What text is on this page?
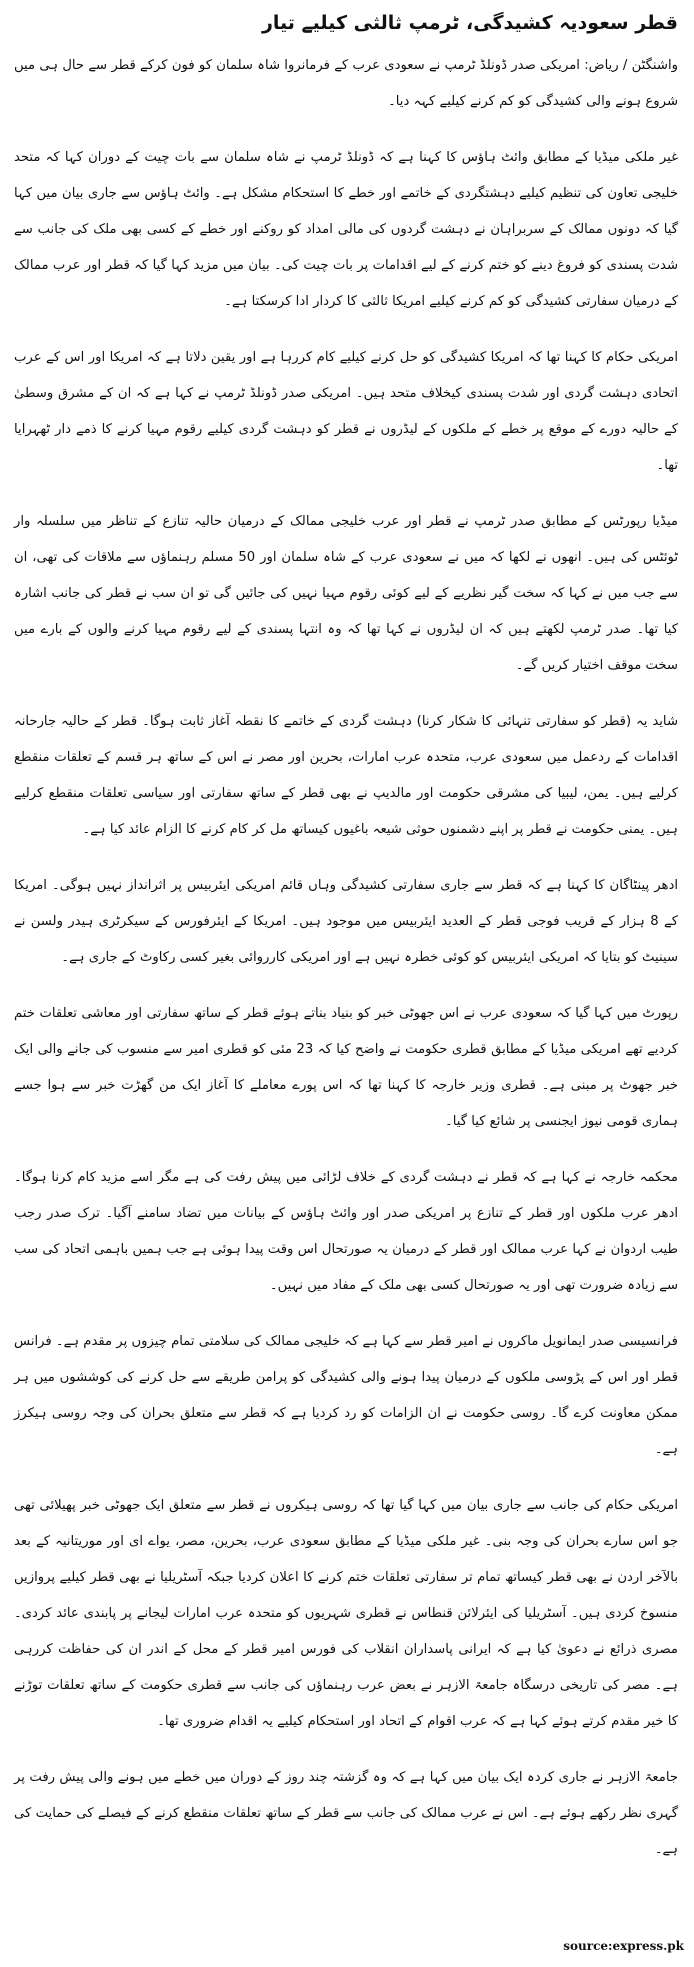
قطر سعودیہ کشیدگی، ٹرمپ ثالثی کیلیے تیار

واشنگٹن / ریاض: امریکی صدر ڈونلڈ ٹرمپ نے سعودی عرب کے فرمانروا شاہ سلمان کو فون کرکے قطر سے حال ہی میں شروع ہونے والی کشیدگی کو کم کرنے کیلیے کہہ دیا۔

غیر ملکی میڈیا کے مطابق وائٹ ہاؤس کا کہنا ہے کہ ڈونلڈ ٹرمپ نے شاہ سلمان سے بات چیت کے دوران کہا کہ متحد خلیجی تعاون کی تنظیم کیلیے دہشتگردی کے خاتمے اور خطے کا استحکام مشکل ہے۔ وائٹ ہاؤس سے جاری بیان میں کہا گیا کہ دونوں ممالک کے سربراہان نے دہشت گردوں کی مالی امداد کو روکنے اور خطے کے کسی بھی ملک کی جانب سے شدت پسندی کو فروغ دینے کو ختم کرنے کے لیے اقدامات پر بات چیت کی۔ بیان میں مزید کہا گیا کہ قطر اور عرب ممالک کے درمیان سفارتی کشیدگی کو کم کرنے کیلیے امریکا ثالثی کا کردار ادا کرسکتا ہے۔

امریکی حکام کا کہنا تھا کہ امریکا کشیدگی کو حل کرنے کیلیے کام کررہا ہے اور یقین دلاتا ہے کہ امریکا اور اس کے عرب اتحادی دہشت گردی اور شدت پسندی کیخلاف متحد ہیں۔ امریکی صدر ڈونلڈ ٹرمپ نے کہا ہے کہ ان کے مشرق وسطیٰ کے حالیہ دورے کے موقع پر خطے کے ملکوں کے لیڈروں نے قطر کو دہشت گردی کیلیے رقوم مہیا کرنے کا ذمے دار ٹھہرایا تھا۔

میڈیا رپورٹس کے مطابق صدر ٹرمپ نے قطر اور عرب خلیجی ممالک کے درمیان حالیہ تنازع کے تناظر میں سلسلہ وار ٹوئٹس کی ہیں۔ انھوں نے لکھا کہ میں نے سعودی عرب کے شاہ سلمان اور 50 مسلم رہنماؤں سے ملاقات کی تھی، ان سے جب میں نے کہا کہ سخت گیر نظریے کے لیے کوئی رقوم مہیا نہیں کی جائیں گی تو ان سب نے قطر کی جانب اشارہ کیا تھا۔ صدر ٹرمپ لکھتے ہیں کہ ان لیڈروں نے کہا تھا کہ وہ انتہا پسندی کے لیے رقوم مہیا کرنے والوں کے بارے میں سخت موقف اختیار کریں گے۔

شاید یہ (قطر کو سفارتی تنہائی کا شکار کرنا) دہشت گردی کے خاتمے کا نقطہ آغاز ثابت ہوگا۔ قطر کے حالیہ جارحانہ اقدامات کے ردعمل میں سعودی عرب، متحدہ عرب امارات، بحرین اور مصر نے اس کے ساتھ ہر قسم کے تعلقات منقطع کرلیے ہیں۔ یمن، لیبیا کی مشرقی حکومت اور مالدیپ نے بھی قطر کے ساتھ سفارتی اور سیاسی تعلقات منقطع کرلیے ہیں۔ یمنی حکومت نے قطر پر اپنے دشمنوں حوثی شیعہ باغیوں کیساتھ مل کر کام کرنے کا الزام عائد کیا ہے۔

ادھر پینٹاگان کا کہنا ہے کہ قطر سے جاری سفارتی کشیدگی وہاں قائم امریکی ایئربیس پر اثرانداز نہیں ہوگی۔ امریکا کے 8 ہزار کے قریب فوجی قطر کے العدید ایئربیس میں موجود ہیں۔ امریکا کے ایئرفورس کے سیکرٹری ہیدر ولسن نے سینیٹ کو بتایا کہ امریکی ایئربیس کو کوئی خطرہ نہیں ہے اور امریکی کارروائی بغیر کسی رکاوٹ کے جاری ہے۔

رپورٹ میں کہا گیا کہ سعودی عرب نے اس جھوٹی خبر کو بنیاد بناتے ہوئے قطر کے ساتھ سفارتی اور معاشی تعلقات ختم کردیے تھے امریکی میڈیا کے مطابق قطری حکومت نے واضح کیا کہ 23 مئی کو قطری امیر سے منسوب کی جانے والی ایک خبر جھوٹ پر مبنی ہے۔ قطری وزیر خارجہ کا کہنا تھا کہ اس پورے معاملے کا آغاز ایک من گھڑت خبر سے ہوا جسے ہماری قومی نیوز ایجنسی پر شائع کیا گیا۔

محکمہ خارجہ نے کہا ہے کہ قطر نے دہشت گردی کے خلاف لڑائی میں پیش رفت کی ہے مگر اسے مزید کام کرنا ہوگا۔ ادھر عرب ملکوں اور قطر کے تنازع پر امریکی صدر اور وائٹ ہاؤس کے بیانات میں تضاد سامنے آگیا۔ ترک صدر رجب طیب اردوان نے کہا عرب ممالک اور قطر کے درمیان یہ صورتحال اس وقت پیدا ہوئی ہے جب ہمیں باہمی اتحاد کی سب سے زیادہ ضرورت تھی اور یہ صورتحال کسی بھی ملک کے مفاد میں نہیں۔

فرانسیسی صدر ایمانویل ماکروں نے امیر قطر سے کہا ہے کہ خلیجی ممالک کی سلامتی تمام چیزوں پر مقدم ہے۔ فرانس قطر اور اس کے پڑوسی ملکوں کے درمیان پیدا ہونے والی کشیدگی کو پرامن طریقے سے حل کرنے کی کوششوں میں ہر ممکن معاونت کرے گا۔ روسی حکومت نے ان الزامات کو رد کردیا ہے کہ قطر سے متعلق بحران کی وجہ روسی ہیکرز ہے۔

امریکی حکام کی جانب سے جاری بیان میں کہا گیا تھا کہ روسی ہیکروں نے قطر سے متعلق ایک جھوٹی خبر پھیلائی تھی جو اس سارے بحران کی وجہ بنی۔ غیر ملکی میڈیا کے مطابق سعودی عرب، بحرین، مصر، یواے ای اور موریتانیہ کے بعد بالآخر اردن نے بھی قطر کیساتھ تمام تر سفارتی تعلقات ختم کرنے کا اعلان کردیا جبکہ آسٹریلیا نے بھی قطر کیلیے پروازیں منسوخ کردی ہیں۔ آسٹریلیا کی ایئرلائن قنطاس نے قطری شہریوں کو متحدہ عرب امارات لیجانے پر پابندی عائد کردی۔ مصری ذرائع نے دعویٰ کیا ہے کہ ایرانی پاسداران انقلاب کی فورس امیر قطر کے محل کے اندر ان کی حفاظت کررہی ہے۔ مصر کی تاریخی درسگاہ جامعۃ الازہر نے بعض عرب رہنماؤں کی جانب سے قطری حکومت کے ساتھ تعلقات توڑنے کا خیر مقدم کرتے ہوئے کہا ہے کہ عرب اقوام کے اتحاد اور استحکام کیلیے یہ اقدام ضروری تھا۔

جامعۃ الازہر نے جاری کردہ ایک بیان میں کہا ہے کہ وہ گزشتہ چند روز کے دوران میں خطے میں ہونے والی پیش رفت پر گہری نظر رکھے ہوئے ہے۔ اس نے عرب ممالک کی جانب سے قطر کے ساتھ تعلقات منقطع کرنے کے فیصلے کی حمایت کی ہے۔

source:express.pk
